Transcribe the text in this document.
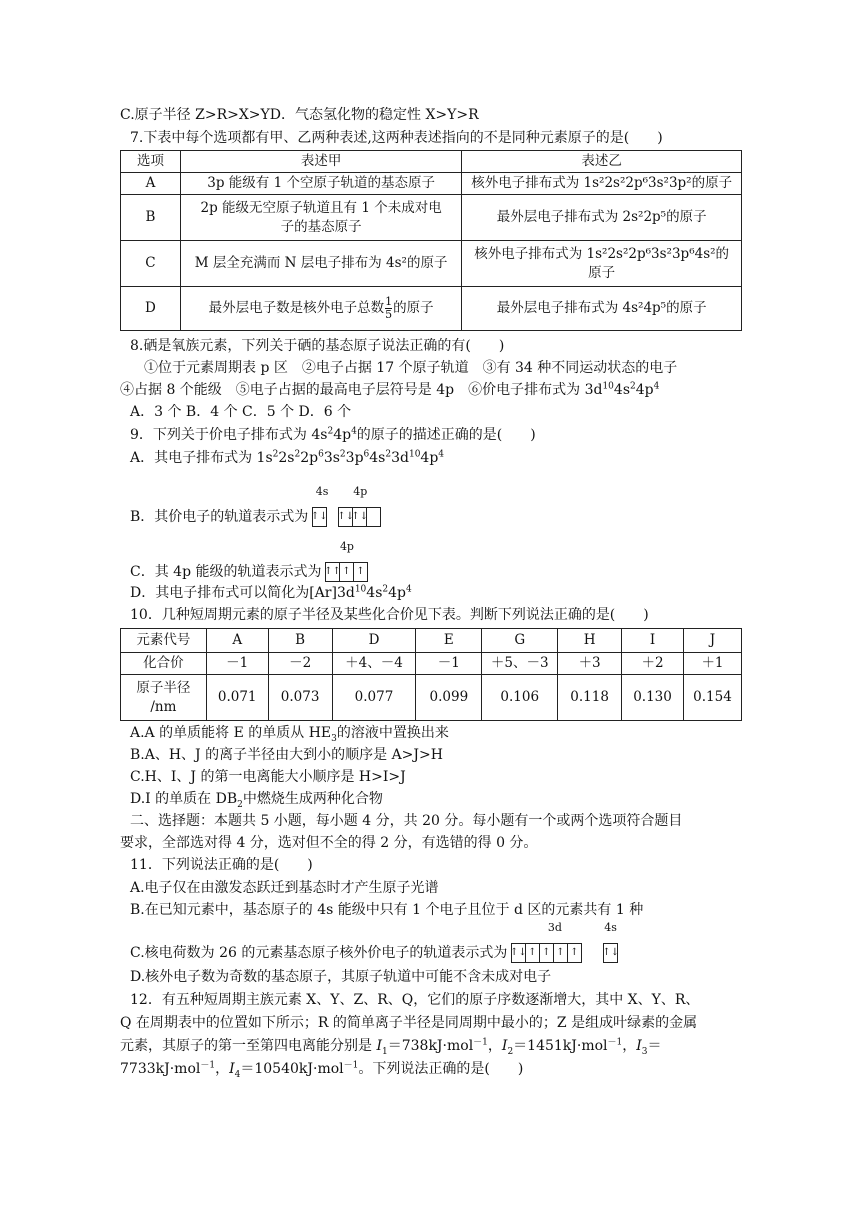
C.原子半径 Z>R>X>YD．气态氢化物的稳定性 X>Y>R
7.下表中每个选项都有甲、乙两种表述,这两种表述指向的不是同种元素原子的是(　　)
选项	表述甲	表述乙
A	3p 能级有 1 个空原子轨道的基态原子	核外电子排布式为 1s²2s²2p⁶3s²3p²的原子
B	2p 能级无空原子轨道且有 1 个未成对电
子的基态原子	最外层电子排布式为 2s²2p⁵的原子
C	M 层全充满而 N 层电子排布为 4s²的原子	核外电子排布式为 1s²2s²2p⁶3s²3p⁶4s²的
原子
D	最外层电子数是核外电子总数 $\frac{1}{5}$ 的原子	最外层电子排布式为 4s²4p⁵的原子
8.硒是氧族元素，下列关于硒的基态原子说法正确的有(　　)
①位于元素周期表 p 区　②电子占据 17 个原子轨道　③有 34 种不同运动状态的电子
④占据 8 个能级　⑤电子占据的最高电子层符号是 4p　⑥价电子排布式为 $3d^{10}4s^24p^4$
A．3 个 B．4 个 C．5 个 D．6 个
9．下列关于价电子排布式为 $4s^24p^4$的原子的描述正确的是(　　)
A．其电子排布式为 $1s^22s^22p^63s^23p^64s^23d^{10}4p^4$
B．其价电子的轨道表示式为
4s
↑↓

4p
↑↓
↑↓
C．其 4p 能级的轨道表示式为
4p
↑↑ ↑ ↑
D．其电子排布式可以简化为$[Ar]3d^{10}4s^24p^4$
10．几种短周期元素的原子半径及某些化合价见下表。判断下列说法正确的是(　　)
元素代号	A	B	D	E	G	H	I	J
化合价	－1	－2	＋4、－4	－1	＋5、－3	＋3	＋2	＋1
原子半径
/nm	0.071	0.073	0.077	0.099	0.106	0.118	0.130	0.154
A.A 的单质能将 E 的单质从 $HE_3$的溶液中置换出来
B.A、H、J 的离子半径由大到小的顺序是 A>J>H
C.H、I、J 的第一电离能大小顺序是 H>I>J
D.I 的单质在 $DB_2$中燃烧生成两种化合物
二、选择题：本题共 5 小题，每小题 4 分，共 20 分。每小题有一个或两个选项符合题目
要求，全部选对得 4 分，选对但不全的得 2 分，有选错的得 0 分。
11．下列说法正确的是(　　)
A.电子仅在由激发态跃迁到基态时才产生原子光谱
B.在已知元素中，基态原子的 4s 能级中只有 1 个电子且位于 d 区的元素共有 1 种
C.核电荷数为 26 的元素基态原子核外价电子的轨道表示式为
3d
↑↓ ↑ ↑ ↑ ↑

4s
↑↓
D.核外电子数为奇数的基态原子，其原子轨道中可能不含未成对电子
12．有五种短周期主族元素 X、Y、Z、R、Q，它们的原子序数逐渐增大，其中 X、Y、R、
Q 在周期表中的位置如下所示；R 的简单离子半径是同周期中最小的；Z 是组成叶绿素的金属
元素，其原子的第一至第四电离能分别是 $I_1=738kJ\cdot mol^{-1}$，$I_2=1451kJ\cdot mol^{-1}$，$I_3=$
7733kJ·mol$^{-1}$，$I_4=10540kJ\cdot mol^{-1}$。下列说法正确的是(　　)
